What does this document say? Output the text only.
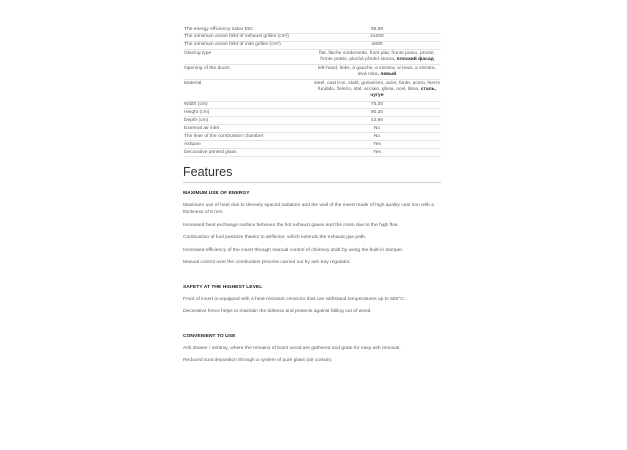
The energy efficiency index EEI	98,88
The minimum active field of exhaust grilles (cm²)	≥1000
The minimum active field of inlet grilles (cm²)	≥800
Glazing type	flat, flache vorderseite, front plat, fronte piano, proste, fronte pratto, plochá přední strana, плоский фасад
Opening of the doors	left-hand, links, à gauche, a sinistra, w lewo, a sinistra, levá ruka, левый
Material	steel, cast iron, stahl, gusseisen, acier, fonte, acero, hierro fundido, železo, stal, acciaio, ghisa, ocel, litina, сталь, чугун
Width (cm)	75,00
Height (cm)	90,20
Depth (cm)	43,90
External air inlet	No
The liner of the combustion chamber	No
Ashpan	Yes
Decorative printed glass	Yes
Features
MAXIMUM USE OF ENERGY

Maximum use of heat due to densely spaced radiators and the wall of the insert made of high quality cast iron with a thickness of 8 mm.

Increased heat exchange surface between the hot exhaust gases and the room due to the high flue.

Combustion of fuel particles thanks to deflector, which extends the exhaust gas path.

Increased efficiency of the insert through manual control of chimney draft by using the built-in damper.

Manual control over the combustion process carried out by ash tray regulator.

SAFETY AT THE HIGHEST LEVEL

Front of insert is equipped with a heat-resistant ceramics that can withstand temperatures up to 660°C.

Decorative fence helps to maintain the tidiness and protects against falling out of wood.

CONVENIENT TO USE

Ash drawer / ashtray, where the remains of burnt wood are gathered and grate for easy ash removal.

Reduced soot deposition through a system of pure glass (air curtain).
